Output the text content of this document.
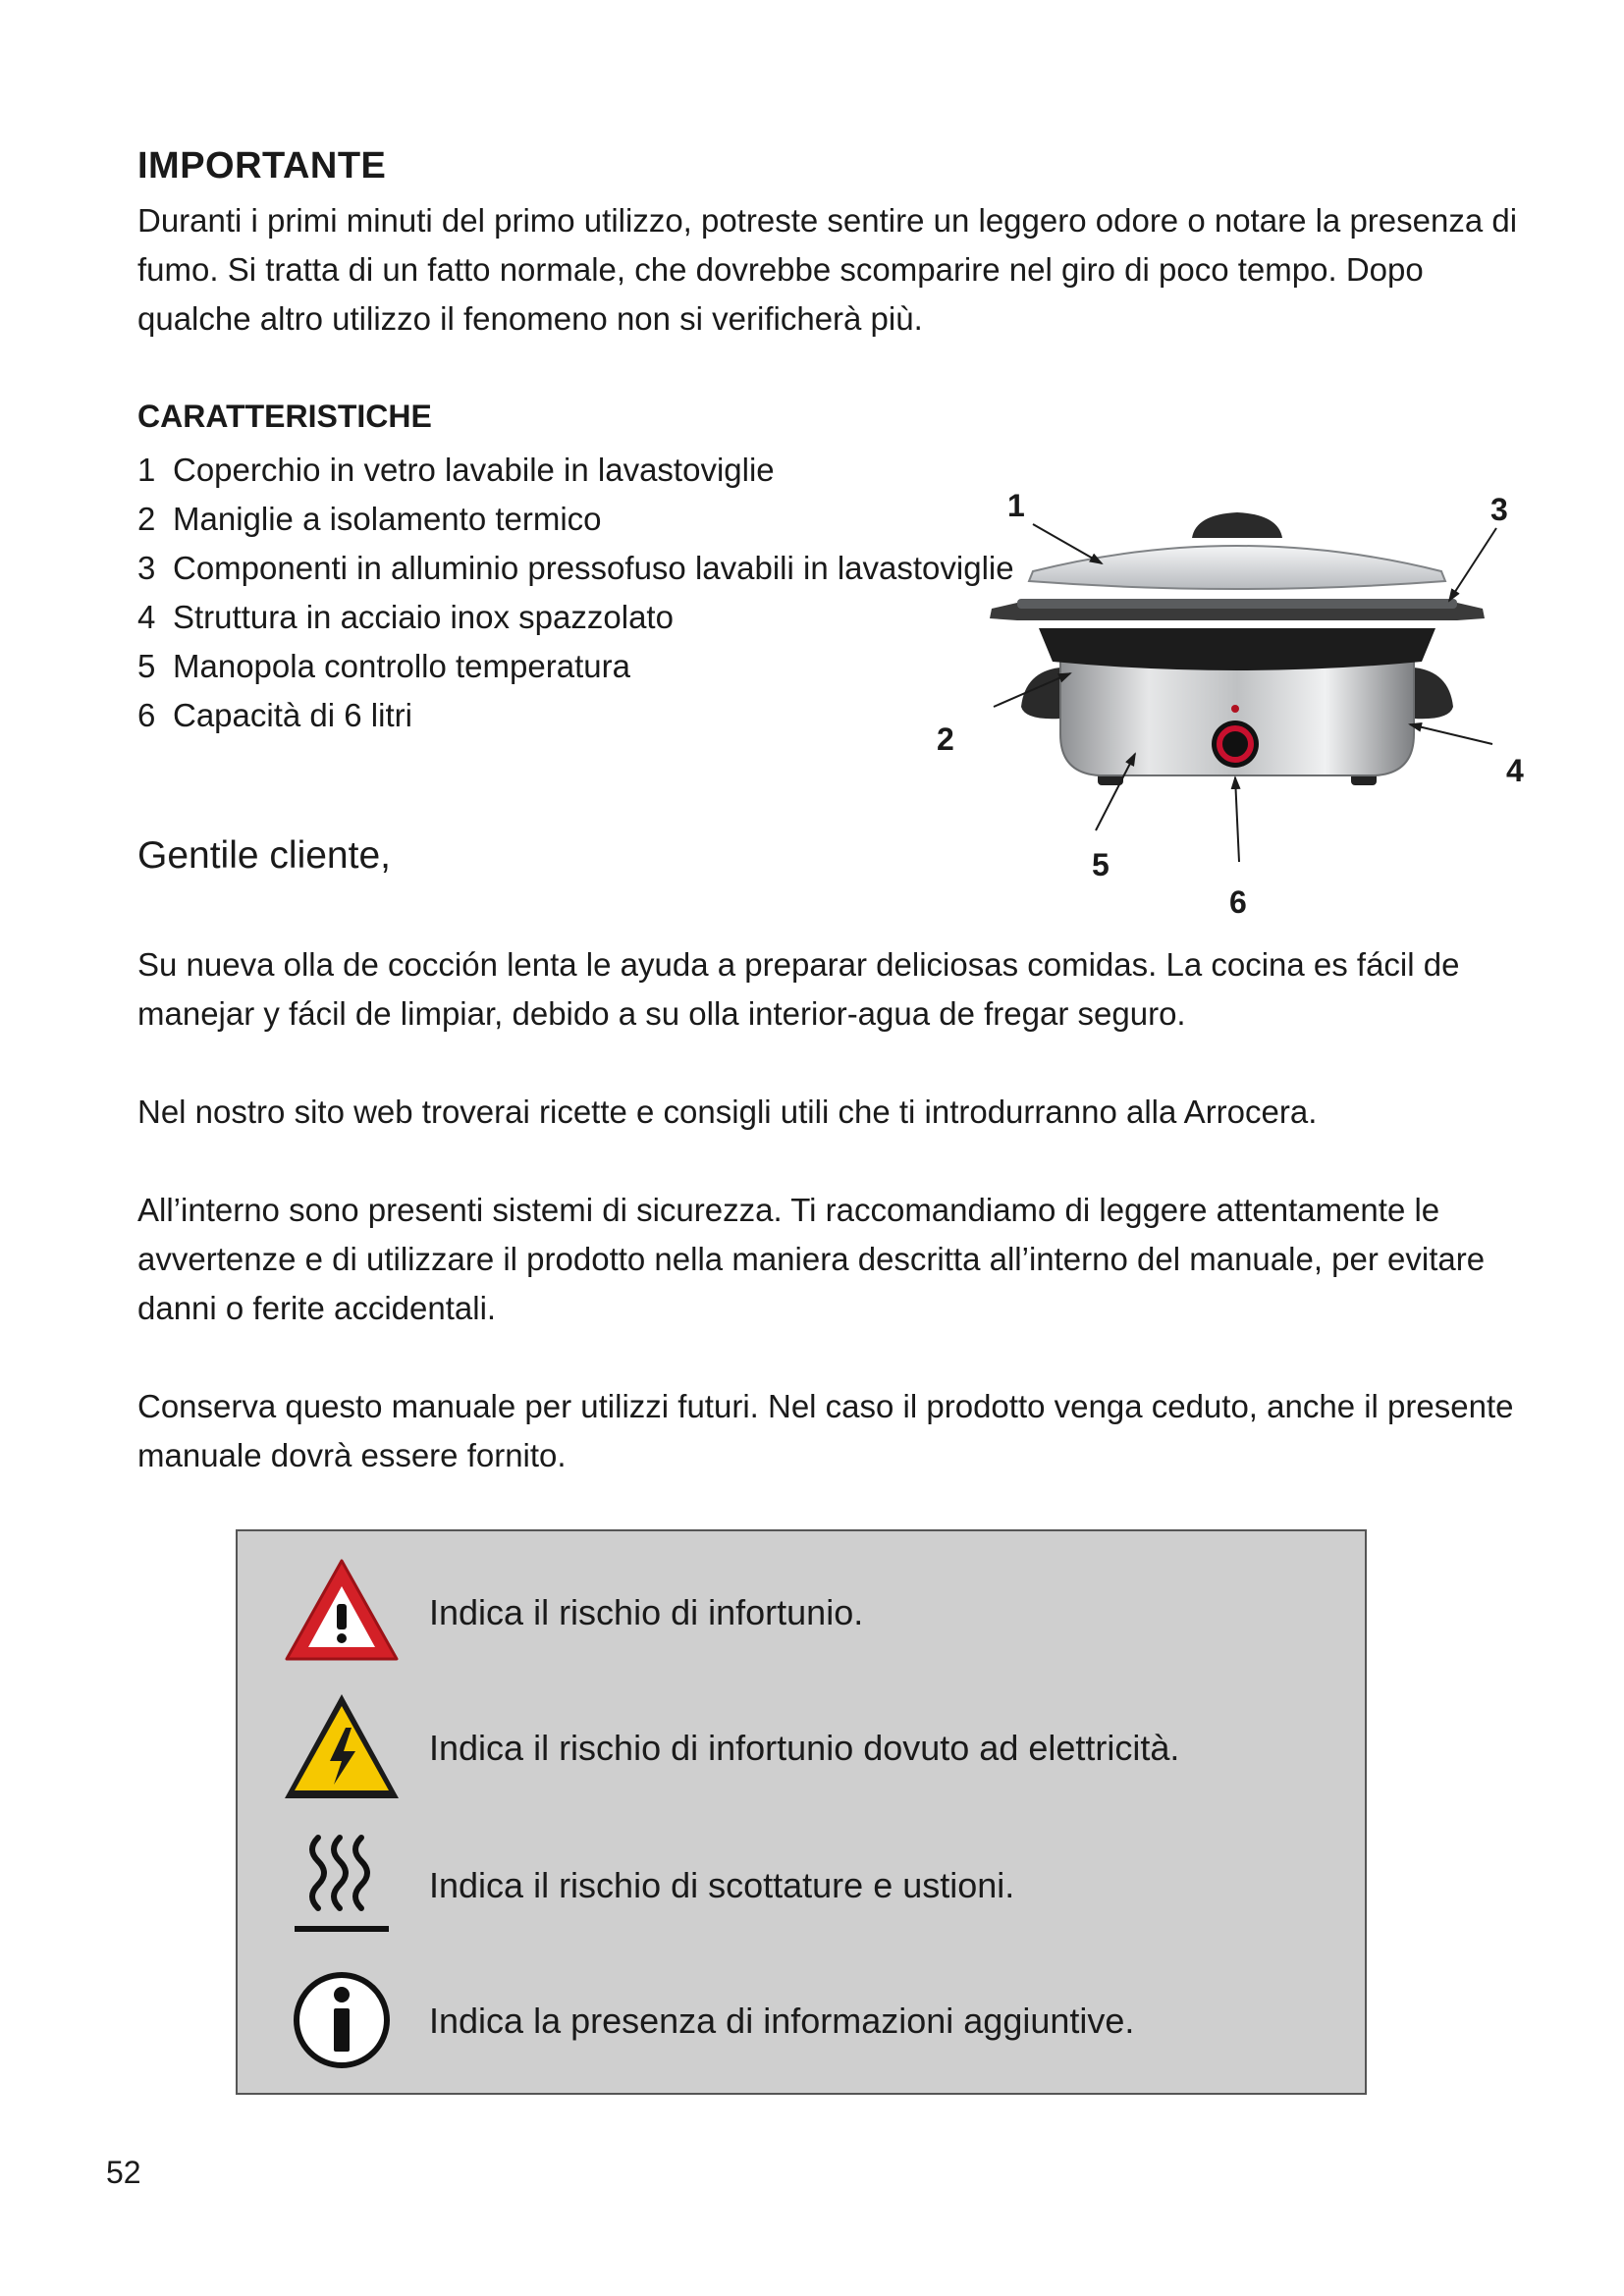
IMPORTANTE

Duranti i primi minuti del primo utilizzo, potreste sentire un leggero odore o notare la presenza di fumo. Si tratta di un fatto normale, che dovrebbe scomparire nel giro di poco tempo. Dopo qualche altro utilizzo il fenomeno non si verificherà più.

CARATTERISTICHE
1 Coperchio in vetro lavabile in lavastoviglie
2 Maniglie a isolamento termico
3 Componenti in alluminio pressofuso lavabili in lavastoviglie
4 Struttura in acciaio inox spazzolato
5 Manopola controllo temperatura
6 Capacità di 6 litri
1	3
2
4
5
6

Gentile cliente,

Su nueva olla de cocción lenta le ayuda a preparar deliciosas comidas. La cocina es fácil de manejar y fácil de limpiar, debido a su olla interior-agua de fregar seguro.

Nel nostro sito web troverai ricette e consigli utili che ti introdurranno alla Arrocera.

All’interno sono presenti sistemi di sicurezza. Ti raccomandiamo di leggere attentamente le avvertenze e di utilizzare il prodotto nella maniera descritta all’interno del manuale, per evitare danni o ferite accidentali.

Conserva questo manuale per utilizzi futuri. Nel caso il prodotto venga ceduto, anche il presente manuale dovrà essere fornito.

Indica il rischio di infortunio.
Indica il rischio di infortunio dovuto ad elettricità.
Indica il rischio di scottature e ustioni.
Indica la presenza di informazioni aggiuntive.
52
